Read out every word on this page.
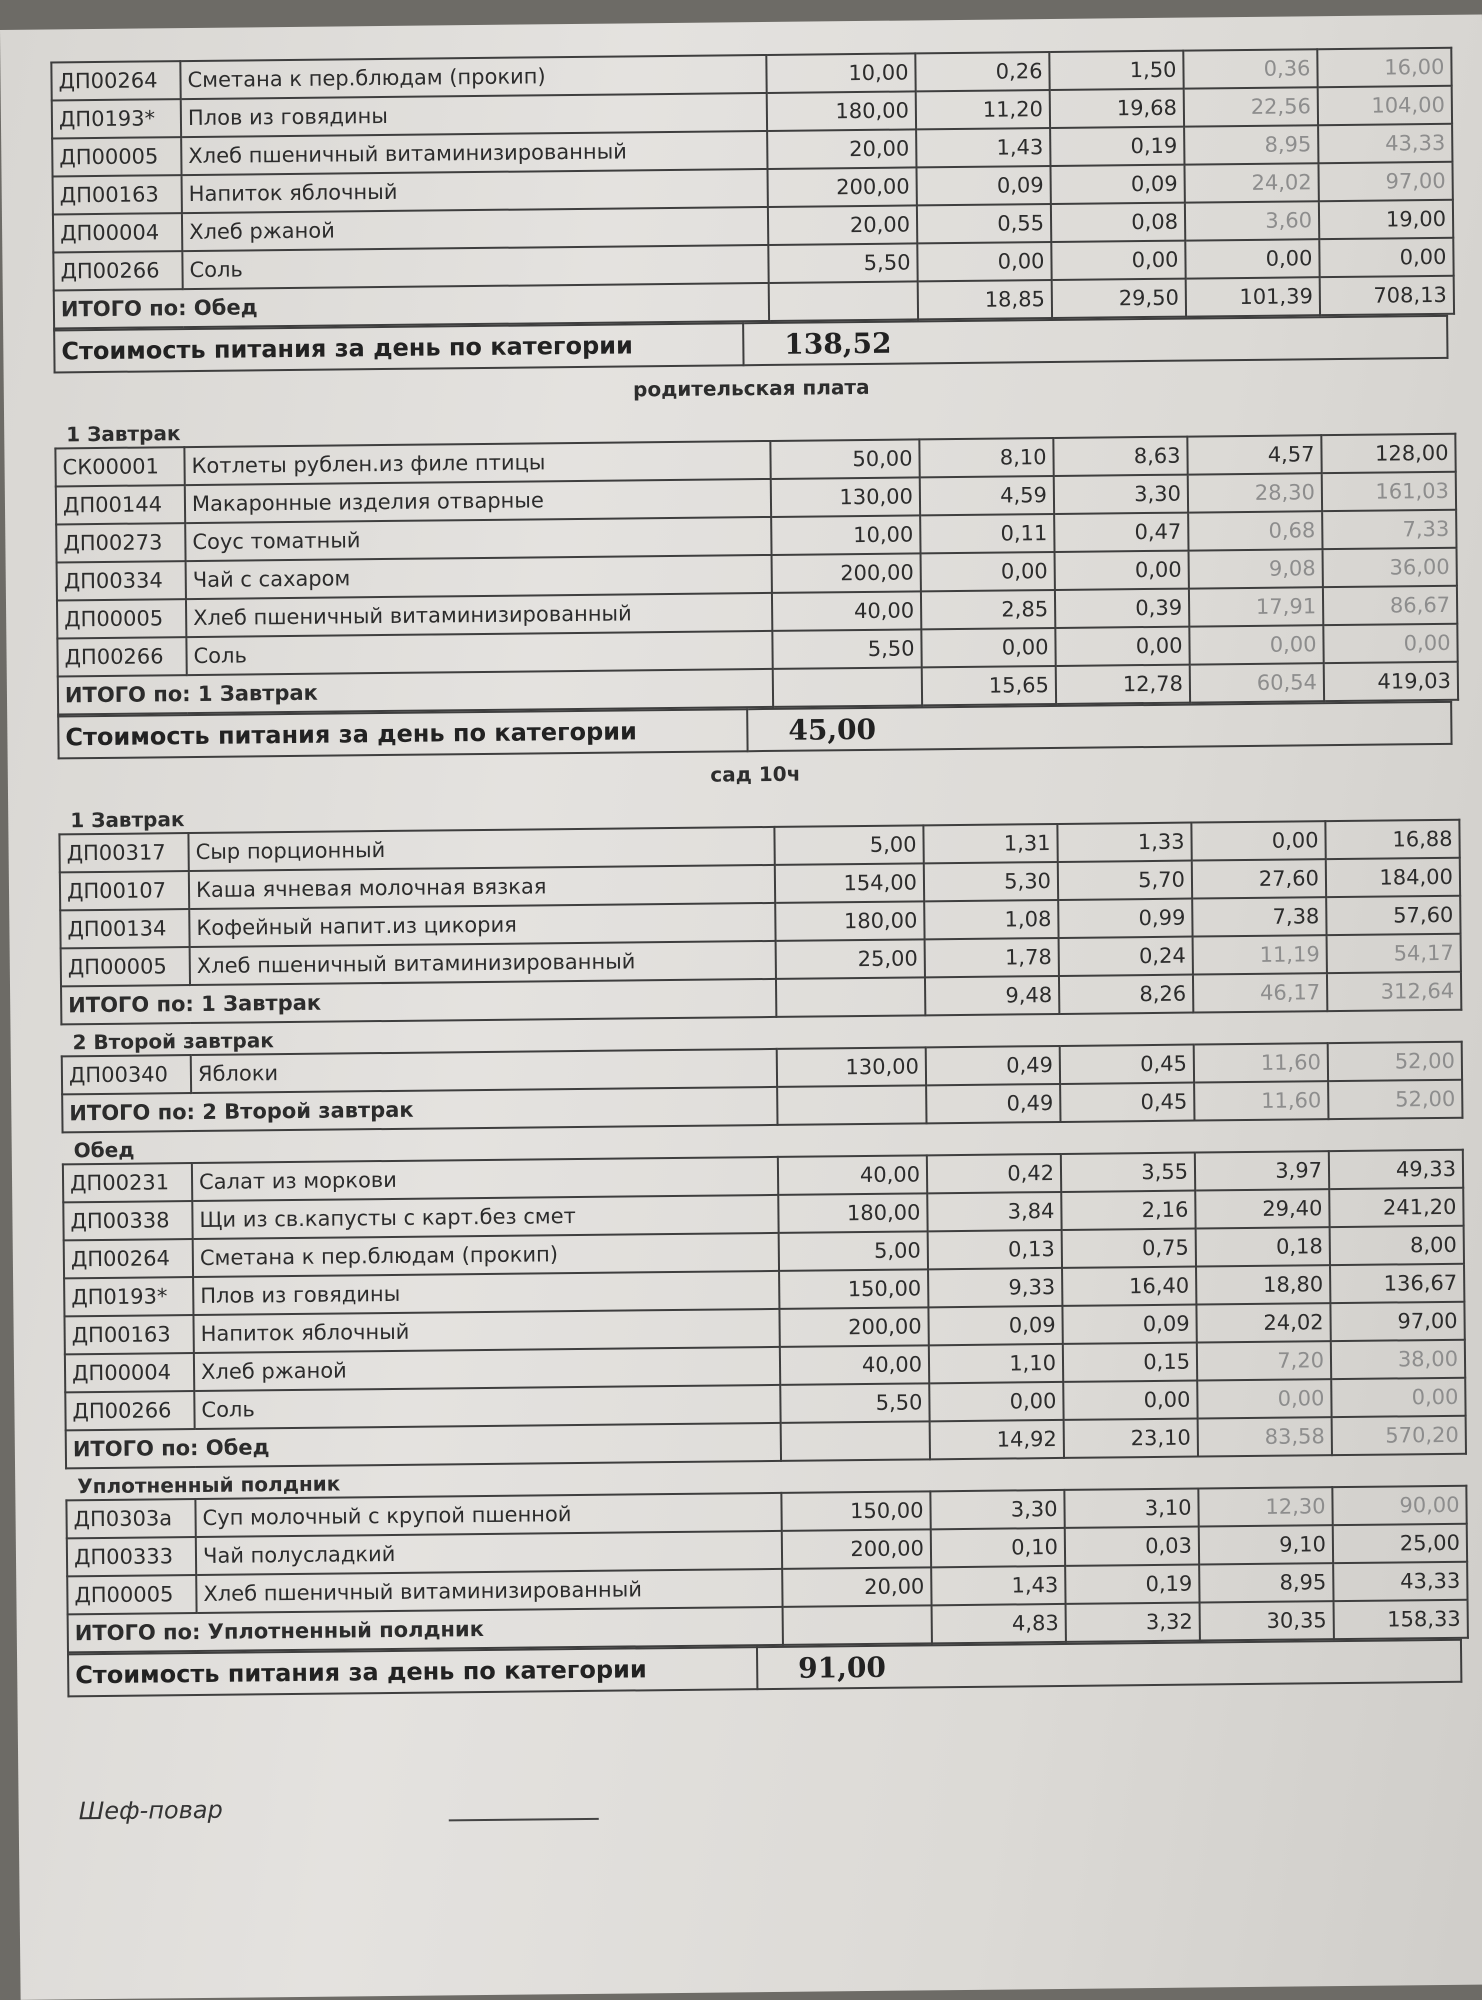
ДП00264	Сметана к пер.блюдам (прокип)	10,00	0,26	1,50	0,36	16,00
ДП0193*	Плов из говядины	180,00	11,20	19,68	22,56	104,00
ДП00005	Хлеб пшеничный витаминизированный	20,00	1,43	0,19	8,95	43,33
ДП00163	Напиток яблочный	200,00	0,09	0,09	24,02	97,00
ДП00004	Хлеб ржаной	20,00	0,55	0,08	3,60	19,00
ДП00266	Соль	5,50	0,00	0,00	0,00	0,00
ИТОГО по: Обед			18,85	29,50	101,39	708,13
Стоимость питания за день по категории	138,52
родительская плата
1 Завтрак
СК00001	Котлеты рублен.из филе птицы	50,00	8,10	8,63	4,57	128,00
ДП00144	Макаронные изделия отварные	130,00	4,59	3,30	28,30	161,03
ДП00273	Соус томатный	10,00	0,11	0,47	0,68	7,33
ДП00334	Чай с сахаром	200,00	0,00	0,00	9,08	36,00
ДП00005	Хлеб пшеничный витаминизированный	40,00	2,85	0,39	17,91	86,67
ДП00266	Соль	5,50	0,00	0,00	0,00	0,00
ИТОГО по: 1 Завтрак			15,65	12,78	60,54	419,03
Стоимость питания за день по категории	45,00
сад 10ч
1 Завтрак
ДП00317	Сыр порционный	5,00	1,31	1,33	0,00	16,88
ДП00107	Каша ячневая молочная вязкая	154,00	5,30	5,70	27,60	184,00
ДП00134	Кофейный напит.из цикория	180,00	1,08	0,99	7,38	57,60
ДП00005	Хлеб пшеничный витаминизированный	25,00	1,78	0,24	11,19	54,17
ИТОГО по: 1 Завтрак			9,48	8,26	46,17	312,64
2 Второй завтрак
ДП00340	Яблоки	130,00	0,49	0,45	11,60	52,00
ИТОГО по: 2 Второй завтрак			0,49	0,45	11,60	52,00
Обед
ДП00231	Салат из моркови	40,00	0,42	3,55	3,97	49,33
ДП00338	Щи из св.капусты с карт.без смет	180,00	3,84	2,16	29,40	241,20
ДП00264	Сметана к пер.блюдам (прокип)	5,00	0,13	0,75	0,18	8,00
ДП0193*	Плов из говядины	150,00	9,33	16,40	18,80	136,67
ДП00163	Напиток яблочный	200,00	0,09	0,09	24,02	97,00
ДП00004	Хлеб ржаной	40,00	1,10	0,15	7,20	38,00
ДП00266	Соль	5,50	0,00	0,00	0,00	0,00
ИТОГО по: Обед			14,92	23,10	83,58	570,20
Уплотненный полдник
ДП0303а	Суп молочный с крупой пшенной	150,00	3,30	3,10	12,30	90,00
ДП00333	Чай полусладкий	200,00	0,10	0,03	9,10	25,00
ДП00005	Хлеб пшеничный витаминизированный	20,00	1,43	0,19	8,95	43,33
ИТОГО по: Уплотненный полдник			4,83	3,32	30,35	158,33
Стоимость питания за день по категории	91,00
Шеф-повар
